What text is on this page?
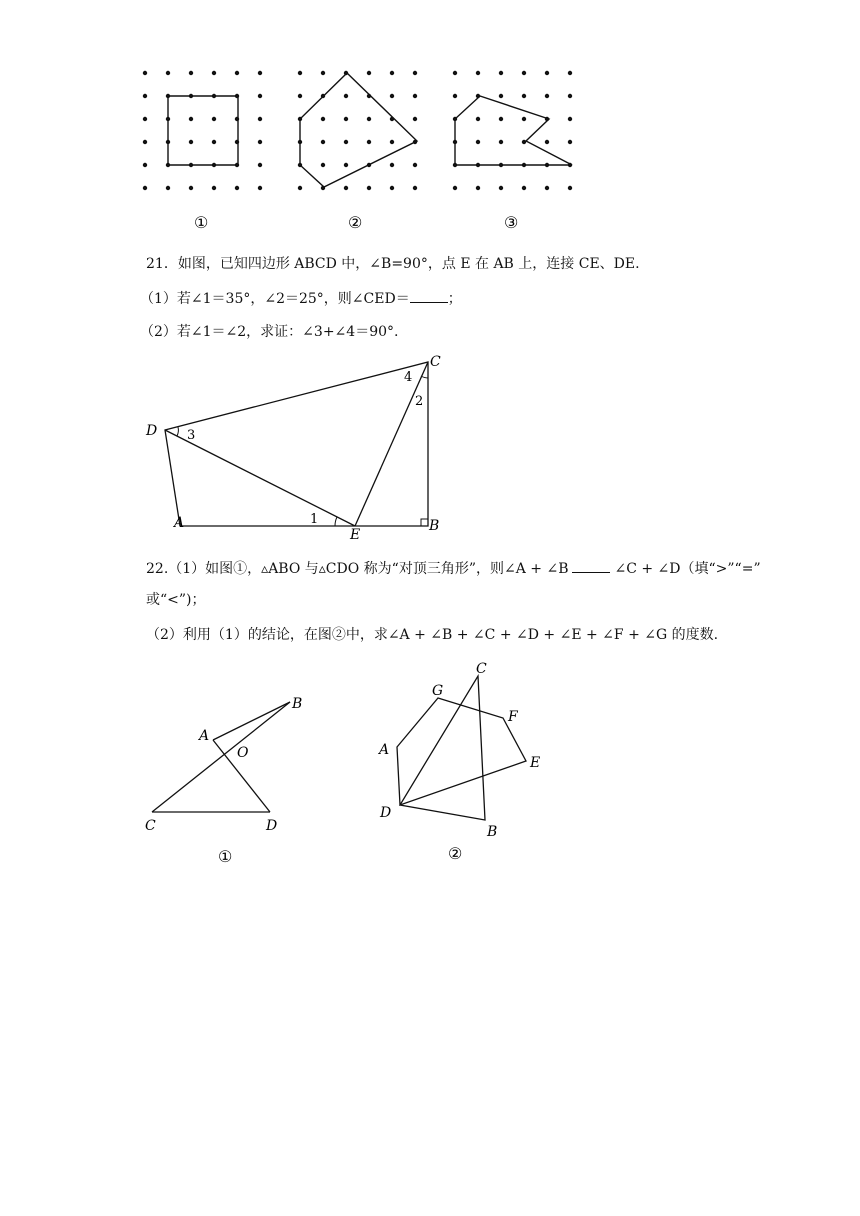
①	②	③
21．如图，已知四边形 ABCD 中，∠B=90°，点 E 在 AB 上，连接 CE、DE.
（1）若∠1＝35°，∠2＝25°，则∠CED＝	；
（2）若∠1＝∠2，求证：∠3+∠4＝90°.
D
C
B
A
E
1
2
3
4
22.（1）如图①，▵ABO 与▵CDO 称为“对顶三角形”，则∠A + ∠B	∠C + ∠D（填“>”“=”
或“<”)；
（2）利用（1）的结论，在图②中，求∠A + ∠B + ∠C + ∠D + ∠E + ∠F + ∠G 的度数.
A
B
O
C	D
①
C
G
F
A
E
D
B
②
